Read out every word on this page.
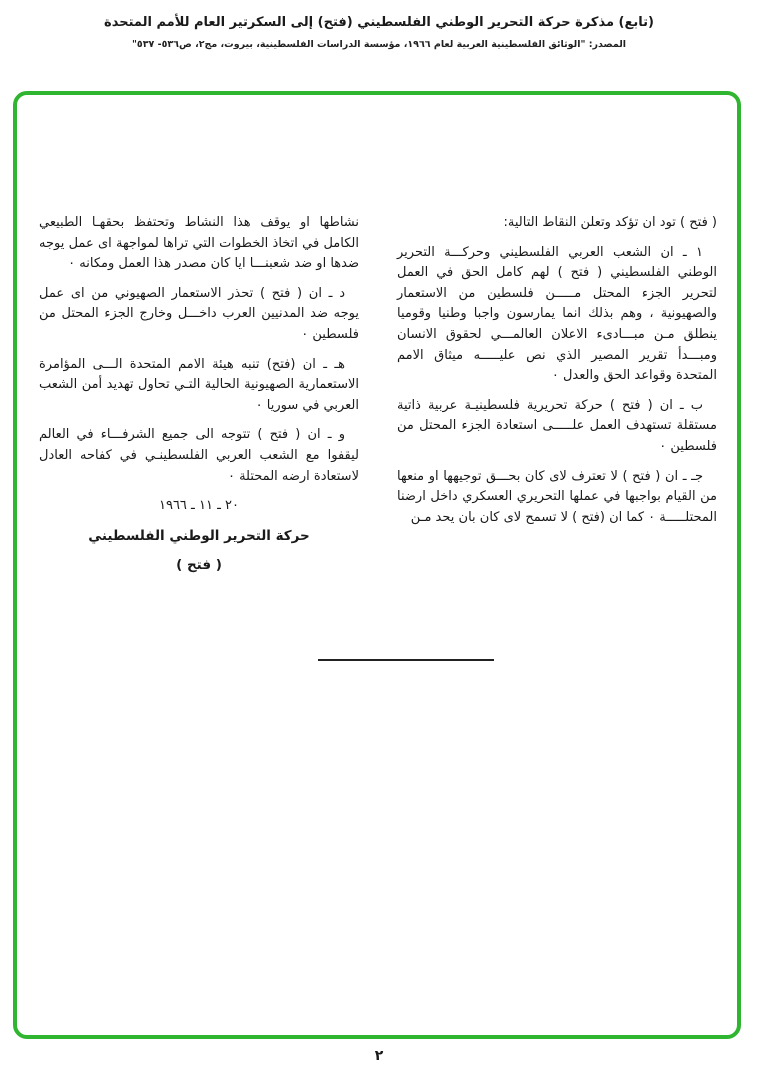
(تابع) مذكرة حركة التحرير الوطني الفلسطيني (فتح) إلى السكرتير العام للأمم المتحدة
المصدر: "الوثائق الفلسطينية العربية لعام ١٩٦٦، مؤسسة الدراسات الفلسطينية، بيروت، مج٢، ص٥٣٦- ٥٣٧"

( فتح ) تود ان تؤكد وتعلن النقاط التالية:

١ ـ ان الشعب العربي الفلسطيني وحركـــة التحرير الوطني الفلسطيني ( فتح ) لهم كامل الحق في العمل لتحرير الجزء المحتل مـــــن فلسطين من الاستعمار والصهيونية ، وهم بذلك انما يمارسون واجبا وطنيا وقوميا ينطلق مـن مبـــادىء الاعلان العالمـــي لحقوق الانسان ومبـــدأ تقرير المصير الذي نص عليـــــه ميثاق الامم المتحدة وقواعد الحق والعدل ٠

ب ـ ان ( فتح ) حركة تحريرية فلسطينيـة عربية ذاتية مستقلة تستهدف العمل علـــــى استعادة الجزء المحتل من فلسطين ٠

جـ ـ ان ( فتح ) لا تعترف لاى كان بحـــق توجيهها او منعها من القيام بواجبها في عملها التحريري العسكري داخل ارضنا المحتلـــــة ٠ كما ان (فتح ) لا تسمح لاى كان بان يحد مـن

نشاطها او يوقف هذا النشاط وتحتفظ بحقهـا الطبيعي الكامل في اتخاذ الخطوات التي تراها لمواجهة اى عمل يوجه ضدها او ضد شعبنـــا ايا كان مصدر هذا العمل ومكانه ٠

د ـ ان ( فتح ) تحذر الاستعمار الصهيوني من اى عمل يوجه ضد المدنيين العرب داخـــل وخارج الجزء المحتل من فلسطين ٠

هـ ـ ان (فتح) تنبه هيئة الامم المتحدة الـــى المؤامرة الاستعمارية الصهيونية الحالية التـي تحاول تهديد أمن الشعب العربي في سوريا ٠

و ـ ان ( فتح ) تتوجه الى جميع الشرفـــاء في العالم ليقفوا مع الشعب العربي الفلسطينـي في كفاحه العادل لاستعادة ارضه المحتلة ٠

٢٠ ـ ١١ ـ ١٩٦٦

حركة التحرير الوطني الفلسطيني

( فتح )

٢
